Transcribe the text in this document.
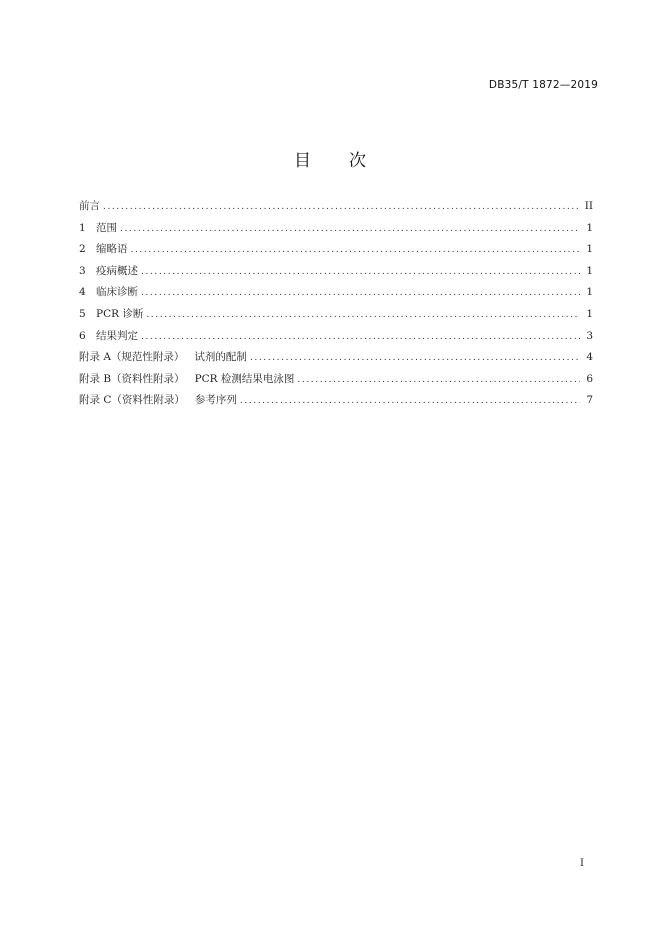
DB35/T 1872—2019
目 次
前言 .....	II
1 范围 .....	1
2 缩略语 .....	1
3 疫病概述 .....	1
4 临床诊断 .....	1
5 PCR 诊断 .....	1
6 结果判定 .....	3
附录 A（规范性附录） 试剂的配制 .....	4
附录 B（资料性附录） PCR 检测结果电泳图 .....	6
附录 C（资料性附录） 参考序列 .....	7
I
